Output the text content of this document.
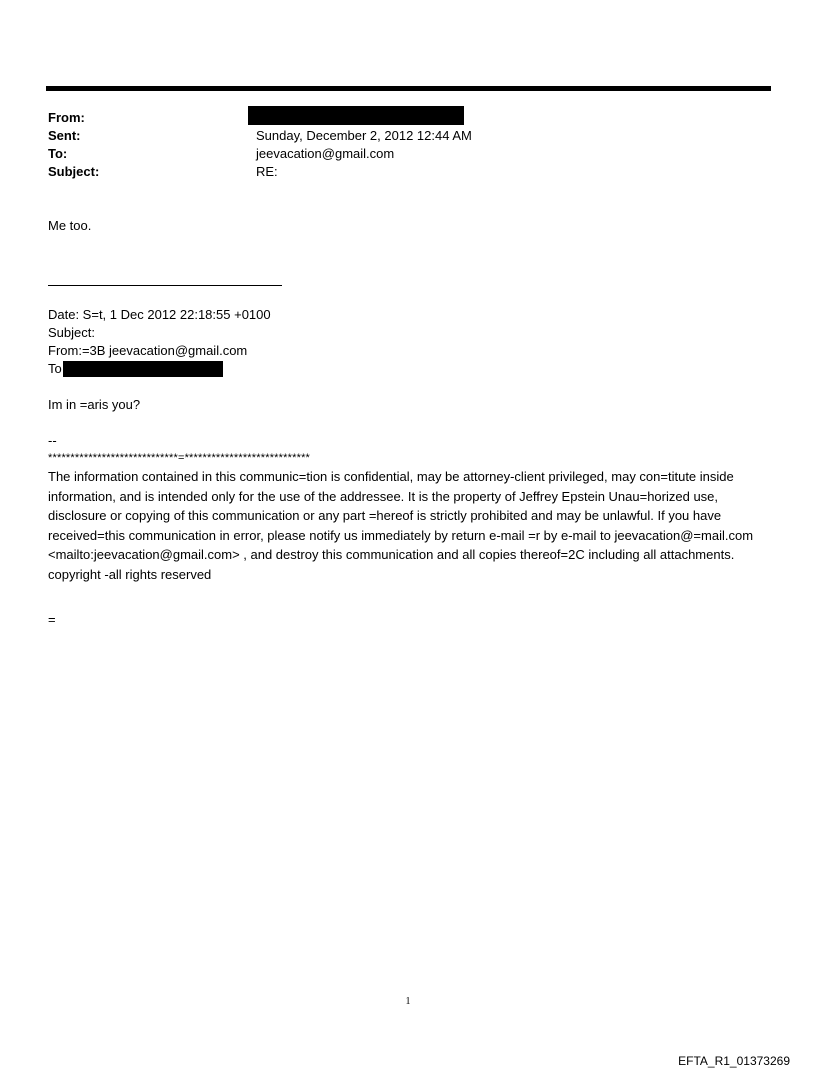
From:
Sent:	Sunday, December 2, 2012 12:44 AM
To:	jeevacation@gmail.com
Subject:	RE:
Me too.
Date: S=t, 1 Dec 2012 22:18:55 +0100
Subject:
From:=3B jeevacation@gmail.com
To
Im in =aris you?
--
*****************************=****************************
The information contained in this communic=tion is confidential, may be attorney-client privileged, may con=titute inside information, and is intended only for the use of the addressee. It is the property of Jeffrey Epstein Unau=horized use, disclosure or copying of this communication or any part =hereof is strictly prohibited and may be unlawful. If you have received=this communication in error, please notify us immediately by return e-mail =r by e-mail to jeevacation@=mail.com <mailto:jeevacation@gmail.com> , and destroy this communication and all copies thereof=2C including all attachments. copyright -all rights reserved
=
1
EFTA_R1_01373269
